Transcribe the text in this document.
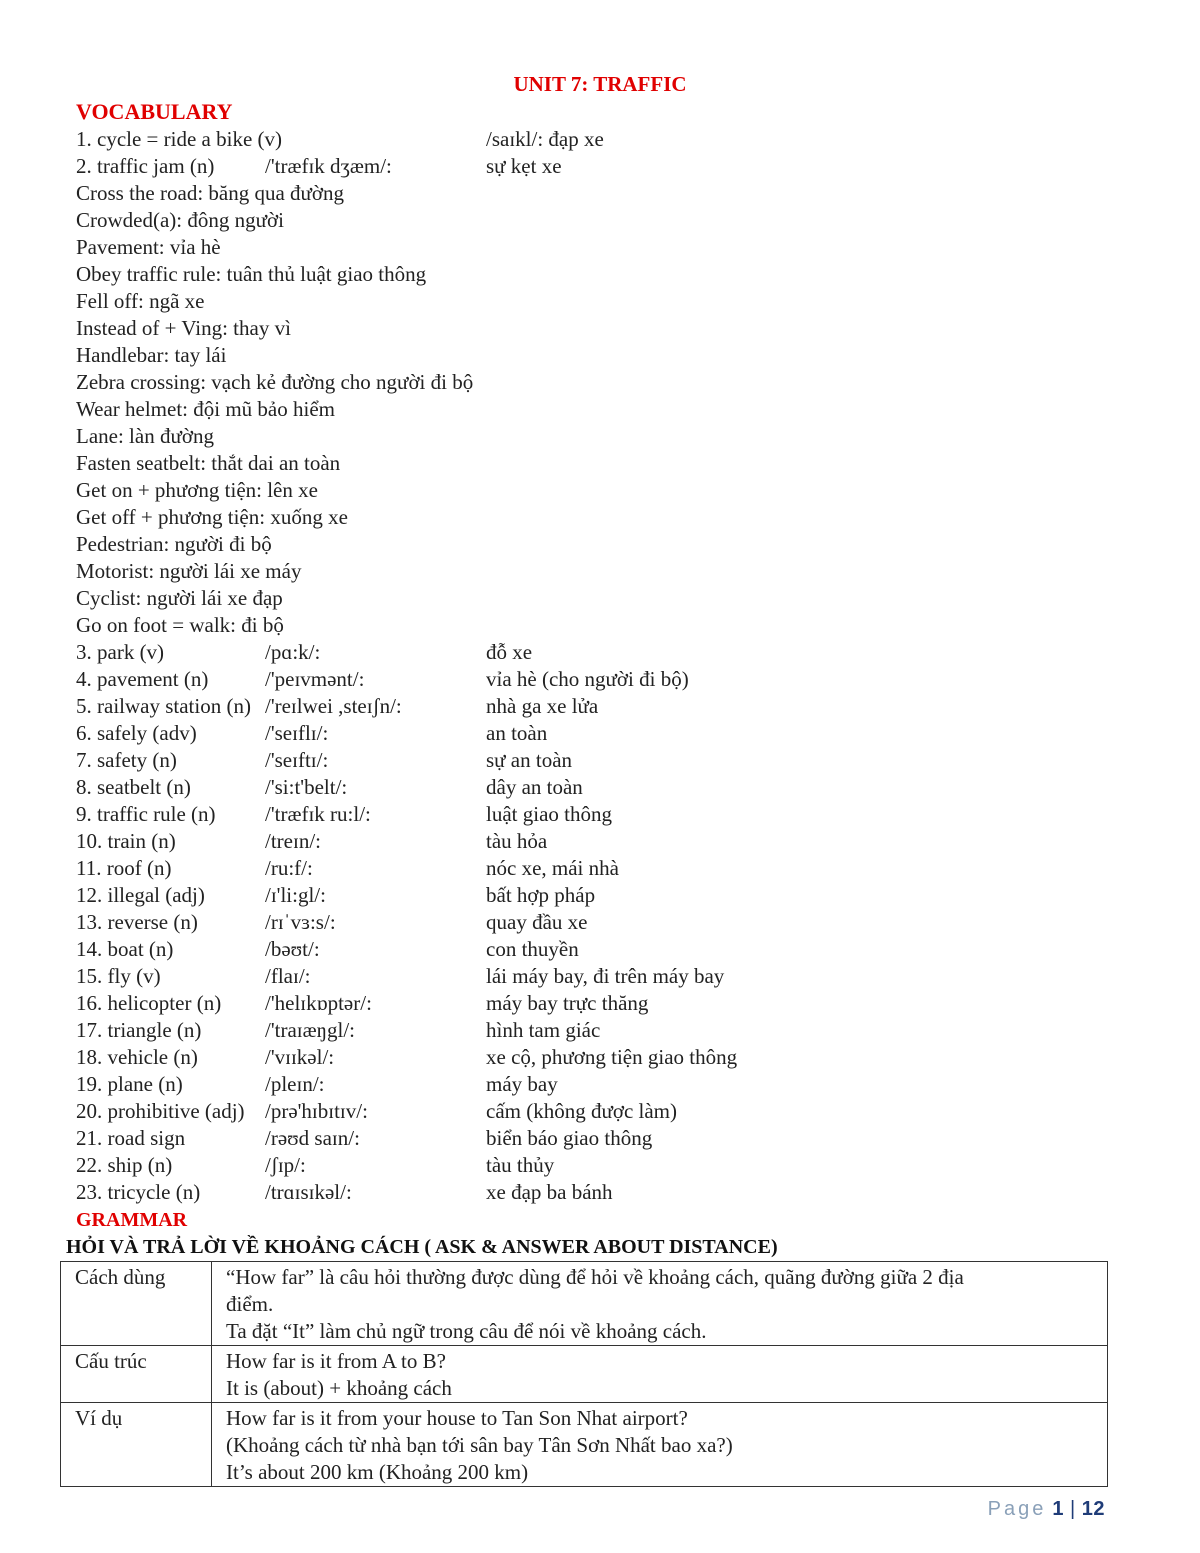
UNIT 7: TRAFFIC
VOCABULARY
1. cycle = ride a bike (v)	/saɪkl/: đạp xe
2. traffic jam (n) /'træfɪk dʒæm/:	sự kẹt xe
Cross the road: băng qua đường
Crowded(a): đông người
Pavement: vỉa hè
Obey traffic rule: tuân thủ luật giao thông
Fell off: ngã xe
Instead of + Ving: thay vì
Handlebar: tay lái
Zebra crossing: vạch kẻ đường cho người đi bộ
Wear helmet: đội mũ bảo hiểm
Lane: làn đường
Fasten seatbelt: thắt dai an toàn
Get on + phương tiện: lên xe
Get off + phương tiện: xuống xe
Pedestrian: người đi bộ
Motorist: người lái xe máy
Cyclist: người lái xe đạp
Go on foot = walk: đi bộ
3. park (v)	/pɑ:k/:	đỗ xe
4. pavement (n)	/'peɪvmənt/:	vỉa hè (cho người đi bộ)
5. railway station (n) /'reɪlwei ,steɪʃn/:	nhà ga xe lửa
6. safely (adv)	/'seɪflɪ/:	an toàn
7. safety (n)	/'seɪftɪ/:	sự an toàn
8. seatbelt (n)	/'si:t'belt/:	dây an toàn
9. traffic rule (n) /'træfɪk ru:l/:	luật giao thông
10. train (n)	/treɪn/:	tàu hỏa
11. roof (n)	/ru:f/:	nóc xe, mái nhà
12. illegal (adj)	/ɪ'li:gl/:	bất hợp pháp
13. reverse (n)	/rɪˈvɜ:s/:	quay đầu xe
14. boat (n)	/bəʊt/:	con thuyền
15. fly (v)	/flaɪ/:	lái máy bay, đi trên máy bay
16. helicopter (n) /'helɪkɒptər/:	máy bay trực thăng
17. triangle (n)	/'traɪæŋgl/:	hình tam giác
18. vehicle (n)	/'vɪɪkəl/:	xe cộ, phương tiện giao thông
19. plane (n)	/pleɪn/:	máy bay
20. prohibitive (adj) /prə'hɪbɪtɪv/:	cấm (không được làm)
21. road sign	/rəʊd saɪn/:	biển báo giao thông
22. ship (n)	/ʃɪp/:	tàu thủy
23. tricycle (n)	/trɑɪsɪkəl/:	xe đạp ba bánh
GRAMMAR
HỎI VÀ TRẢ LỜI VỀ KHOẢNG CÁCH ( ASK & ANSWER ABOUT DISTANCE)
Cách dùng	“How far” là câu hỏi thường được dùng để hỏi về khoảng cách, quãng đường giữa 2 địa
điểm.
Ta đặt “It” làm chủ ngữ trong câu để nói về khoảng cách.

Cấu trúc	How far is it from A to B?
It is (about) + khoảng cách

Ví dụ	How far is it from your house to Tan Son Nhat airport?
(Khoảng cách từ nhà bạn tới sân bay Tân Sơn Nhất bao xa?)
It’s about 200 km (Khoảng 200 km)
Page 1 | 12
